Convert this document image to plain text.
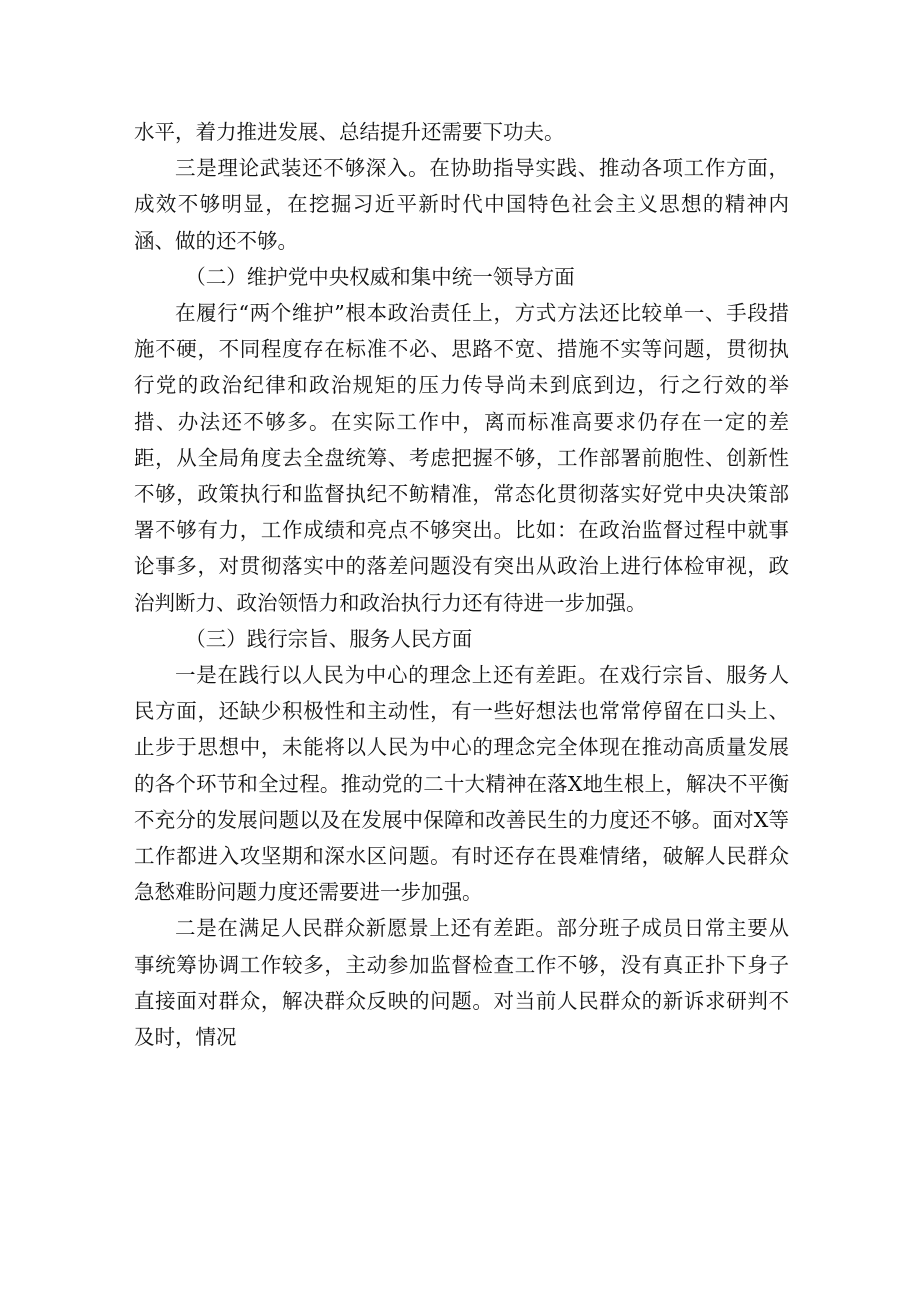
水平，着力推进发展、总结提升还需要下功夫。

三是理论武装还不够深入。在协助指导实践、推动各项工作方面，成效不够明显，在挖掘习近平新时代中国特色社会主义思想的精神内涵、做的还不够。

（二）维护党中央权威和集中统一领导方面

在履行“两个维护”根本政治责任上，方式方法还比较单一、手段措施不硬，不同程度存在标准不必、思路不宽、措施不实等问题，贯彻执行党的政治纪律和政治规矩的压力传导尚未到底到边，行之行效的举措、办法还不够多。在实际工作中，离而标准高要求仍存在一定的差距，从全局角度去全盘统筹、考虑把握不够，工作部署前胞性、创新性不够，政策执行和监督执纪不鲂精准，常态化贯彻落实好党中央决策部署不够有力，工作成绩和亮点不够突出。比如：在政治监督过程中就事论事多，对贯彻落实中的落差问题没有突出从政治上进行体检审视，政治判断力、政治领悟力和政治执行力还有待进一步加强。

（三）践行宗旨、服务人民方面

一是在践行以人民为中心的理念上还有差距。在戏行宗旨、服务人民方面，还缺少积极性和主动性，有一些好想法也常常停留在口头上、止步于思想中，未能将以人民为中心的理念完全体现在推动高质量发展的各个环节和全过程。推动党的二十大精神在落X地生根上，解决不平衡不充分的发展问题以及在发展中保障和改善民生的力度还不够。面对X等工作都进入攻坚期和深水区问题。有时还存在畏难情绪，破解人民群众急愁难盼问题力度还需要进一步加强。

二是在满足人民群众新愿景上还有差距。部分班子成员日常主要从事统筹协调工作较多，主动参加监督检查工作不够，没有真正扑下身子直接面对群众，解决群众反映的问题。对当前人民群众的新诉求研判不及时，情况
